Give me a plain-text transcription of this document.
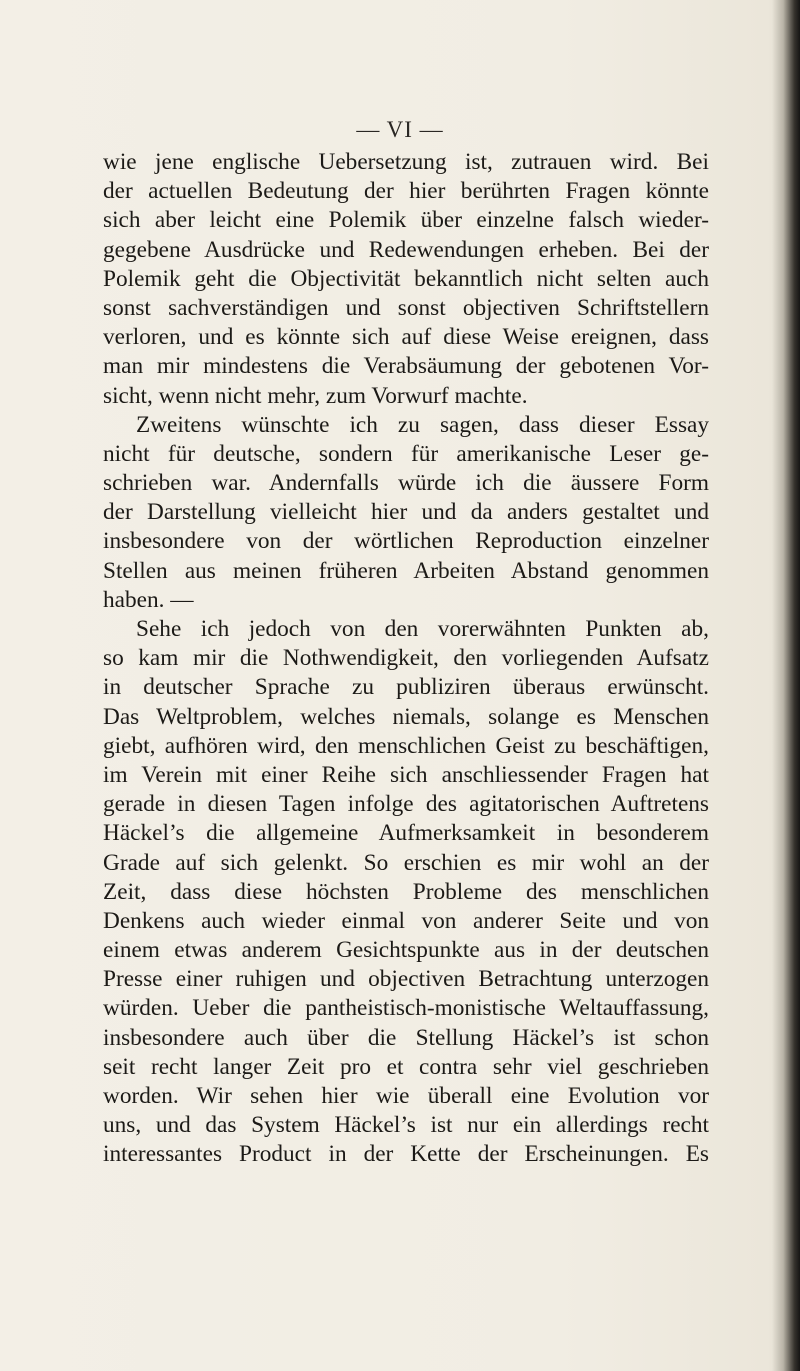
— VI —
wie jene englische Uebersetzung ist, zutrauen wird. Bei
der actuellen Bedeutung der hier berührten Fragen könnte
sich aber leicht eine Polemik über einzelne falsch wieder-
gegebene Ausdrücke und Redewendungen erheben. Bei der
Polemik geht die Objectivität bekanntlich nicht selten auch
sonst sachverständigen und sonst objectiven Schriftstellern
verloren, und es könnte sich auf diese Weise ereignen, dass
man mir mindestens die Verabsäumung der gebotenen Vor-
sicht, wenn nicht mehr, zum Vorwurf machte.
Zweitens wünschte ich zu sagen, dass dieser Essay
nicht für deutsche, sondern für amerikanische Leser ge-
schrieben war. Andernfalls würde ich die äussere Form
der Darstellung vielleicht hier und da anders gestaltet und
insbesondere von der wörtlichen Reproduction einzelner
Stellen aus meinen früheren Arbeiten Abstand genommen
haben. —
Sehe ich jedoch von den vorerwähnten Punkten ab,
so kam mir die Nothwendigkeit, den vorliegenden Aufsatz
in deutscher Sprache zu publiziren überaus erwünscht.
Das Weltproblem, welches niemals, solange es Menschen
giebt, aufhören wird, den menschlichen Geist zu beschäftigen,
im Verein mit einer Reihe sich anschliessender Fragen hat
gerade in diesen Tagen infolge des agitatorischen Auftretens
Häckel’s die allgemeine Aufmerksamkeit in besonderem
Grade auf sich gelenkt. So erschien es mir wohl an der
Zeit, dass diese höchsten Probleme des menschlichen
Denkens auch wieder einmal von anderer Seite und von
einem etwas anderem Gesichtspunkte aus in der deutschen
Presse einer ruhigen und objectiven Betrachtung unterzogen
würden. Ueber die pantheistisch-monistische Weltauffassung,
insbesondere auch über die Stellung Häckel’s ist schon
seit recht langer Zeit pro et contra sehr viel geschrieben
worden. Wir sehen hier wie überall eine Evolution vor
uns, und das System Häckel’s ist nur ein allerdings recht
interessantes Product in der Kette der Erscheinungen. Es
